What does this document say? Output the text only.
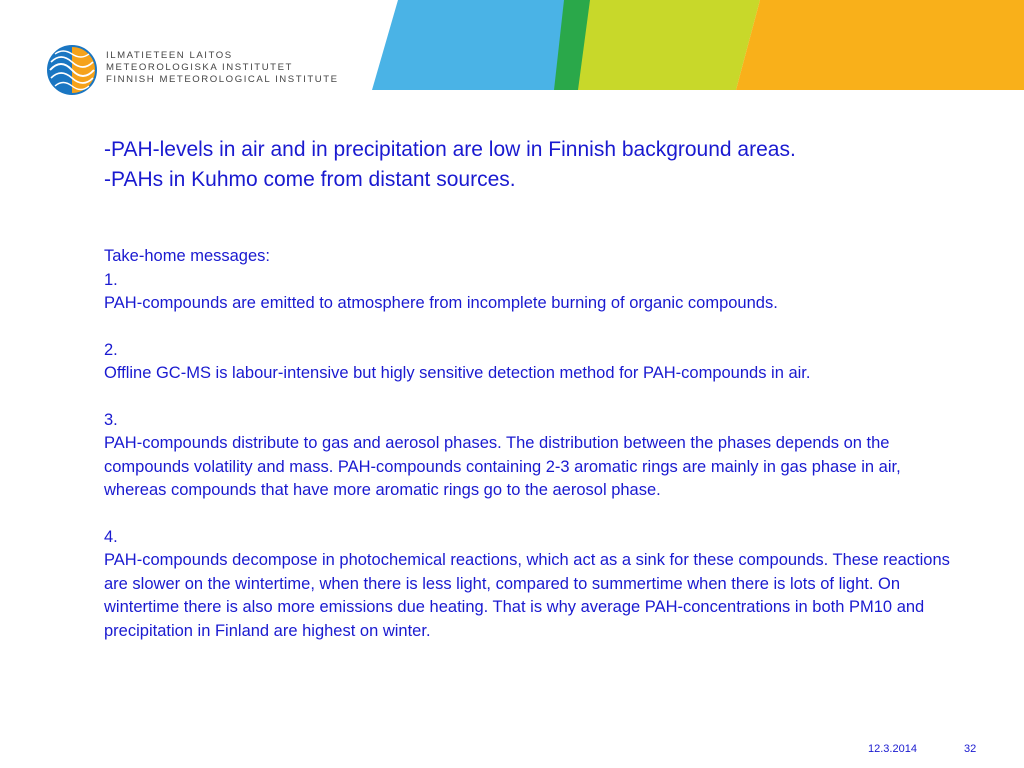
ILMATIETEEN LAITOS
METEOROLOGISKA INSTITUTET
FINNISH METEOROLOGICAL INSTITUTE
-PAH-levels in air and in precipitation are low in Finnish background areas.
-PAHs in Kuhmo come from distant sources.
Take-home messages:
1.
PAH-compounds are emitted to atmosphere from incomplete burning of organic compounds.
2.
Offline GC-MS is labour-intensive but higly sensitive detection method for PAH-compounds in air.
3.
PAH-compounds distribute to gas and aerosol phases. The distribution between the phases depends on the compounds volatility and mass. PAH-compounds containing 2-3 aromatic rings are mainly in gas phase in air, whereas compounds that have more aromatic rings go to the aerosol phase.
4.
PAH-compounds decompose in photochemical reactions, which act as a sink for these compounds. These reactions are slower on the wintertime, when there is less light, compared to summertime when there is lots of light. On wintertime there is also more emissions due heating. That is why average PAH-concentrations in both PM10 and precipitation in Finland are highest on winter.
12.3.2014	32
